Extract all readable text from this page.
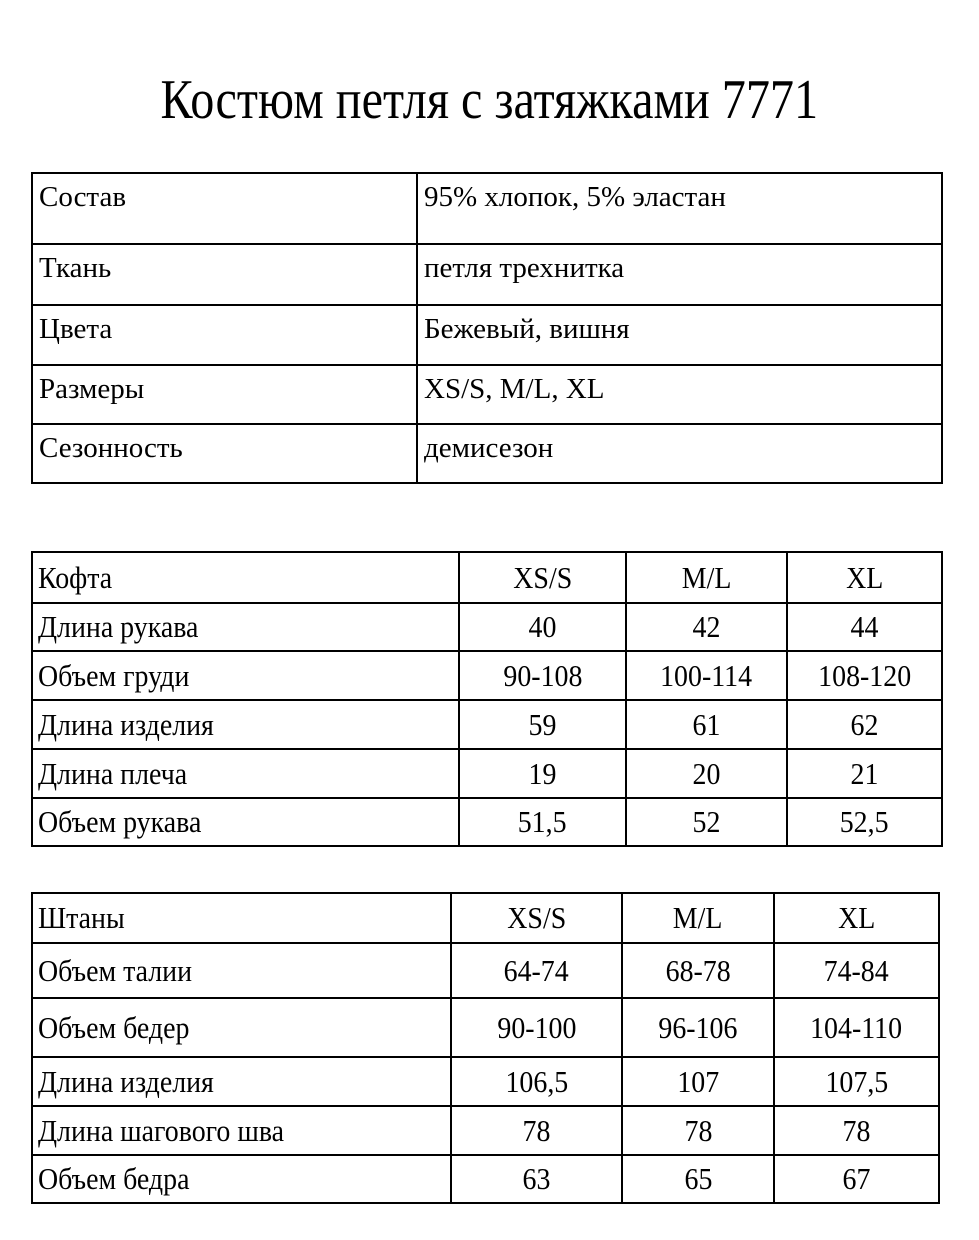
Костюм петля с затяжками 7771
Состав	95% хлопок, 5% эластан
Ткань	петля трехнитка
Цвета	Бежевый, вишня
Размеры	XS/S, M/L, XL
Сезонность	демисезон
Кофта	XS/S	M/L	XL
Длина рукава	40	42	44
Объем груди	90-108	100-114	108-120
Длина изделия	59	61	62
Длина плеча	19	20	21
Объем рукава	51,5	52	52,5
Штаны	XS/S	M/L	XL
Объем талии	64-74	68-78	74-84
Объем бедер	90-100	96-106	104-110
Длина изделия	106,5	107	107,5
Длина шагового шва	78	78	78
Объем бедра	63	65	67
